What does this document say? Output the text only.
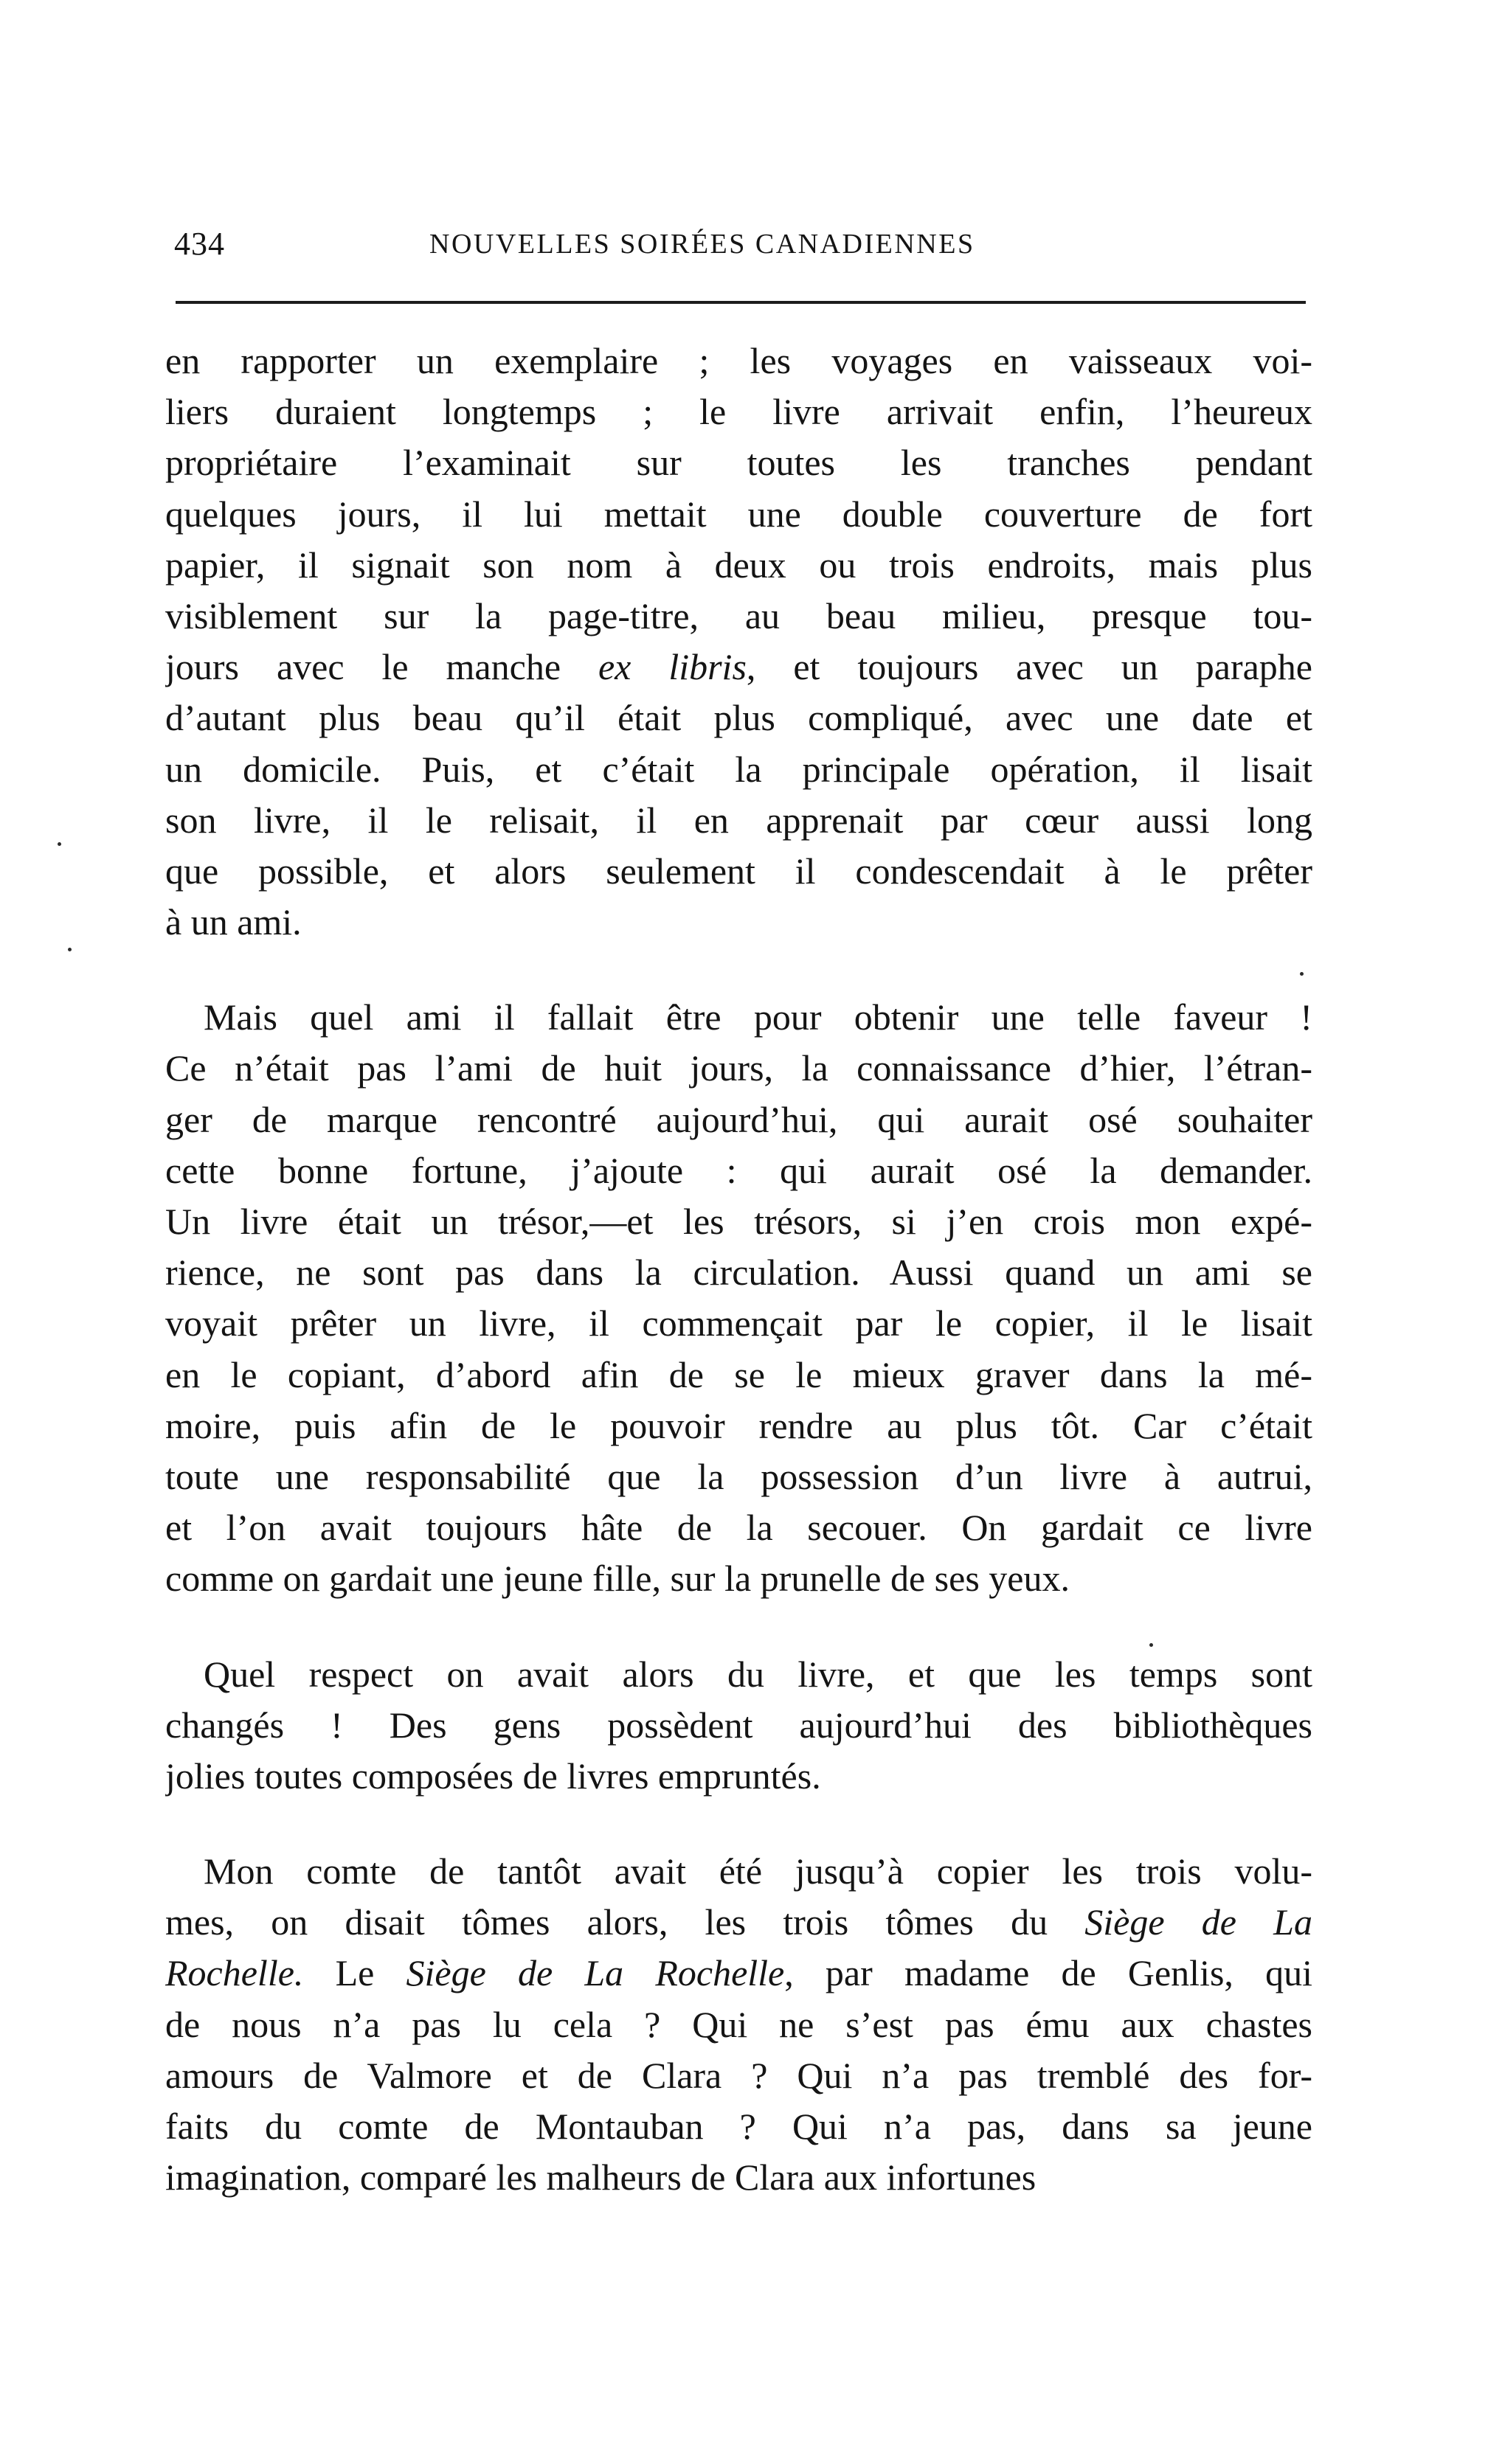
434	NOUVELLES SOIRÉES CANADIENNES
en rapporter un exemplaire ; les voyages en vaisseaux voi-
liers duraient longtemps ; le livre arrivait enfin, l’heureux
propriétaire l’examinait sur toutes les tranches pendant
quelques jours, il lui mettait une double couverture de fort
papier, il signait son nom à deux ou trois endroits, mais plus
visiblement sur la page-titre, au beau milieu, presque tou-
jours avec le manche ex libris, et toujours avec un paraphe
d’autant plus beau qu’il était plus compliqué, avec une date et
un domicile. Puis, et c’était la principale opération, il lisait
son livre, il le relisait, il en apprenait par cœur aussi long
que possible, et alors seulement il condescendait à le prêter
à un ami.
Mais quel ami il fallait être pour obtenir une telle faveur !
Ce n’était pas l’ami de huit jours, la connaissance d’hier, l’étran-
ger de marque rencontré aujourd’hui, qui aurait osé souhaiter
cette bonne fortune, j’ajoute : qui aurait osé la demander.
Un livre était un trésor,—et les trésors, si j’en crois mon expé-
rience, ne sont pas dans la circulation. Aussi quand un ami se
voyait prêter un livre, il commençait par le copier, il le lisait
en le copiant, d’abord afin de se le mieux graver dans la mé-
moire, puis afin de le pouvoir rendre au plus tôt. Car c’était
toute une responsabilité que la possession d’un livre à autrui,
et l’on avait toujours hâte de la secouer. On gardait ce livre
comme on gardait une jeune fille, sur la prunelle de ses yeux.
Quel respect on avait alors du livre, et que les temps sont
changés ! Des gens possèdent aujourd’hui des bibliothèques
jolies toutes composées de livres empruntés.
Mon comte de tantôt avait été jusqu’à copier les trois volu-
mes, on disait tômes alors, les trois tômes du Siège de La
Rochelle. Le Siège de La Rochelle, par madame de Genlis, qui
de nous n’a pas lu cela ? Qui ne s’est pas ému aux chastes
amours de Valmore et de Clara ? Qui n’a pas tremblé des for-
faits du comte de Montauban ? Qui n’a pas, dans sa jeune
imagination, comparé les malheurs de Clara aux infortunes
